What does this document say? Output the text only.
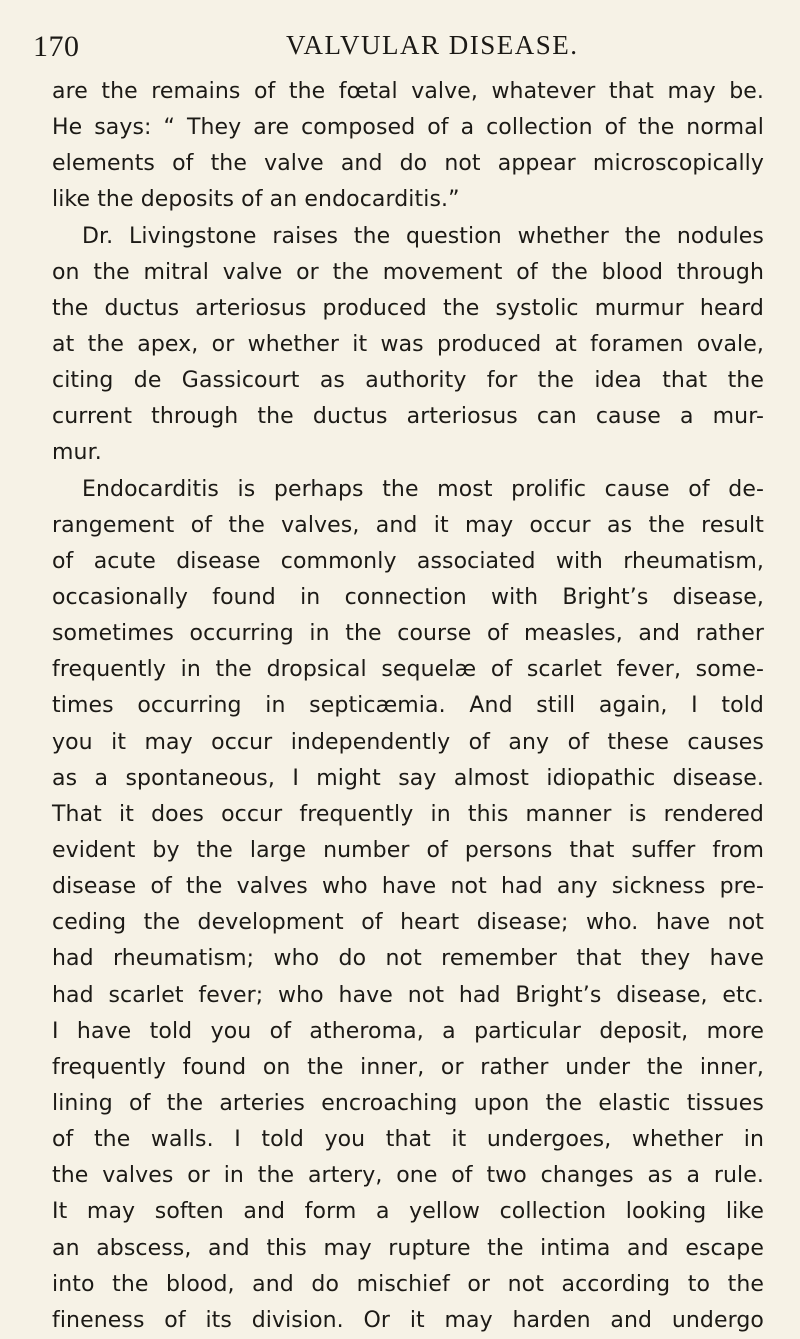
170	VALVULAR DISEASE.
are the remains of the fœtal valve, whatever that may be.
He says: “ They are composed of a collection of the normal
elements of the valve and do not appear microscopically
like the deposits of an endocarditis.”
Dr. Livingstone raises the question whether the nodules
on the mitral valve or the movement of the blood through
the ductus arteriosus produced the systolic murmur heard
at the apex, or whether it was produced at foramen ovale,
citing de Gassicourt as authority for the idea that the
current through the ductus arteriosus can cause a mur-
mur.
Endocarditis is perhaps the most prolific cause of de-
rangement of the valves, and it may occur as the result
of acute disease commonly associated with rheumatism,
occasionally found in connection with Bright’s disease,
sometimes occurring in the course of measles, and rather
frequently in the dropsical sequelæ of scarlet fever, some-
times occurring in septicæmia. And still again, I told
you it may occur independently of any of these causes
as a spontaneous, I might say almost idiopathic disease.
That it does occur frequently in this manner is rendered
evident by the large number of persons that suffer from
disease of the valves who have not had any sickness pre-
ceding the development of heart disease; who. have not
had rheumatism; who do not remember that they have
had scarlet fever; who have not had Bright’s disease, etc.
I have told you of atheroma, a particular deposit, more
frequently found on the inner, or rather under the inner,
lining of the arteries encroaching upon the elastic tissues
of the walls. I told you that it undergoes, whether in
the valves or in the artery, one of two changes as a rule.
It may soften and form a yellow collection looking like
an abscess, and this may rupture the intima and escape
into the blood, and do mischief or not according to the
fineness of its division. Or it may harden and undergo
